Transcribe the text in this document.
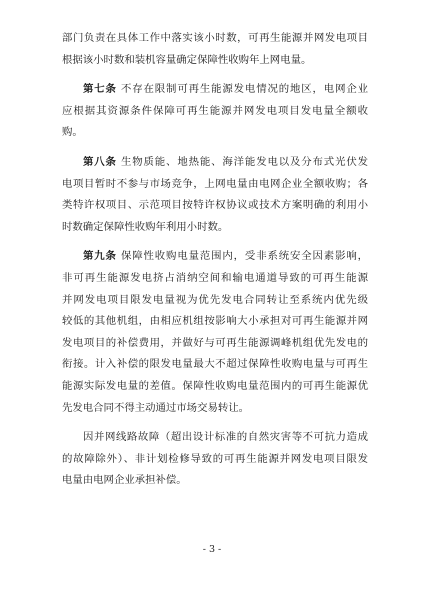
部门负责在具体工作中落实该小时数，可再生能源并网发电项目
根据该小时数和装机容量确定保障性收购年上网电量。
第七条 不存在限制可再生能源发电情况的地区，电网企业
应根据其资源条件保障可再生能源并网发电项目发电量全额收
购。
第八条 生物质能、地热能、海洋能发电以及分布式光伏发
电项目暂时不参与市场竞争，上网电量由电网企业全额收购；各
类特许权项目、示范项目按特许权协议或技术方案明确的利用小
时数确定保障性收购年利用小时数。
第九条 保障性收购电量范围内，受非系统安全因素影响，
非可再生能源发电挤占消纳空间和输电通道导致的可再生能源
并网发电项目限发电量视为优先发电合同转让至系统内优先级
较低的其他机组，由相应机组按影响大小承担对可再生能源并网
发电项目的补偿费用，并做好与可再生能源调峰机组优先发电的
衔接。计入补偿的限发电量最大不超过保障性收购电量与可再生
能源实际发电量的差值。保障性收购电量范围内的可再生能源优
先发电合同不得主动通过市场交易转让。
因并网线路故障（超出设计标准的自然灾害等不可抗力造成
的故障除外）、非计划检修导致的可再生能源并网发电项目限发
电量由电网企业承担补偿。
- 3 -
